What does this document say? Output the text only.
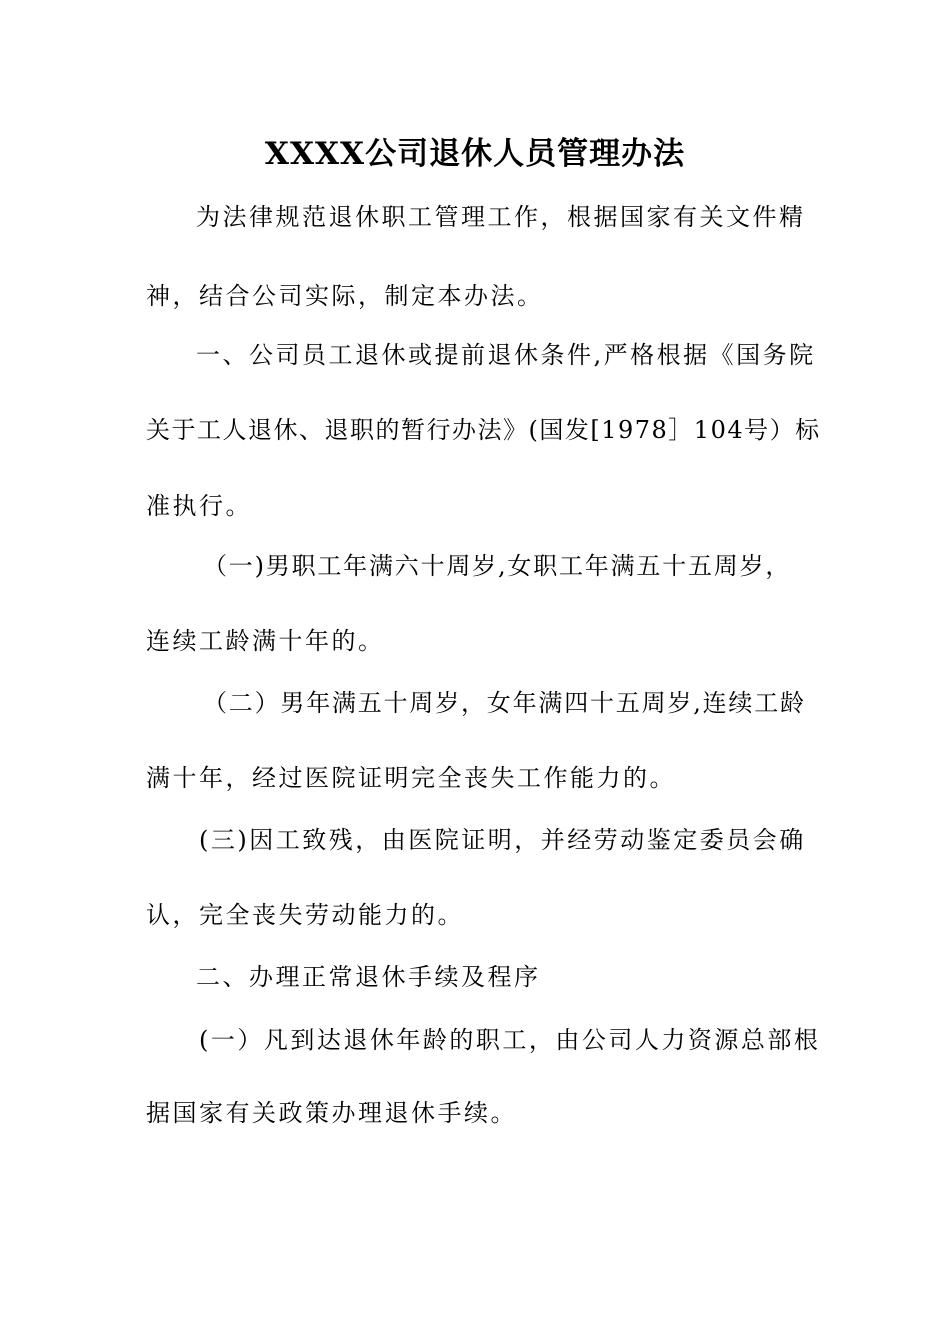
XXXX公司退休人员管理办法
为法律规范退休职工管理工作，根据国家有关文件精
神，结合公司实际，制定本办法。
一、公司员工退休或提前退休条件,严格根据《国务院
关于工人退休、退职的暂行办法》(国发[1978］104号）标
准执行。
（一)男职工年满六十周岁,女职工年满五十五周岁，
连续工龄满十年的。
（二）男年满五十周岁，女年满四十五周岁,连续工龄
满十年，经过医院证明完全丧失工作能力的。
(三)因工致残，由医院证明，并经劳动鉴定委员会确
认，完全丧失劳动能力的。
二、办理正常退休手续及程序
(一）凡到达退休年龄的职工，由公司人力资源总部根
据国家有关政策办理退休手续。
